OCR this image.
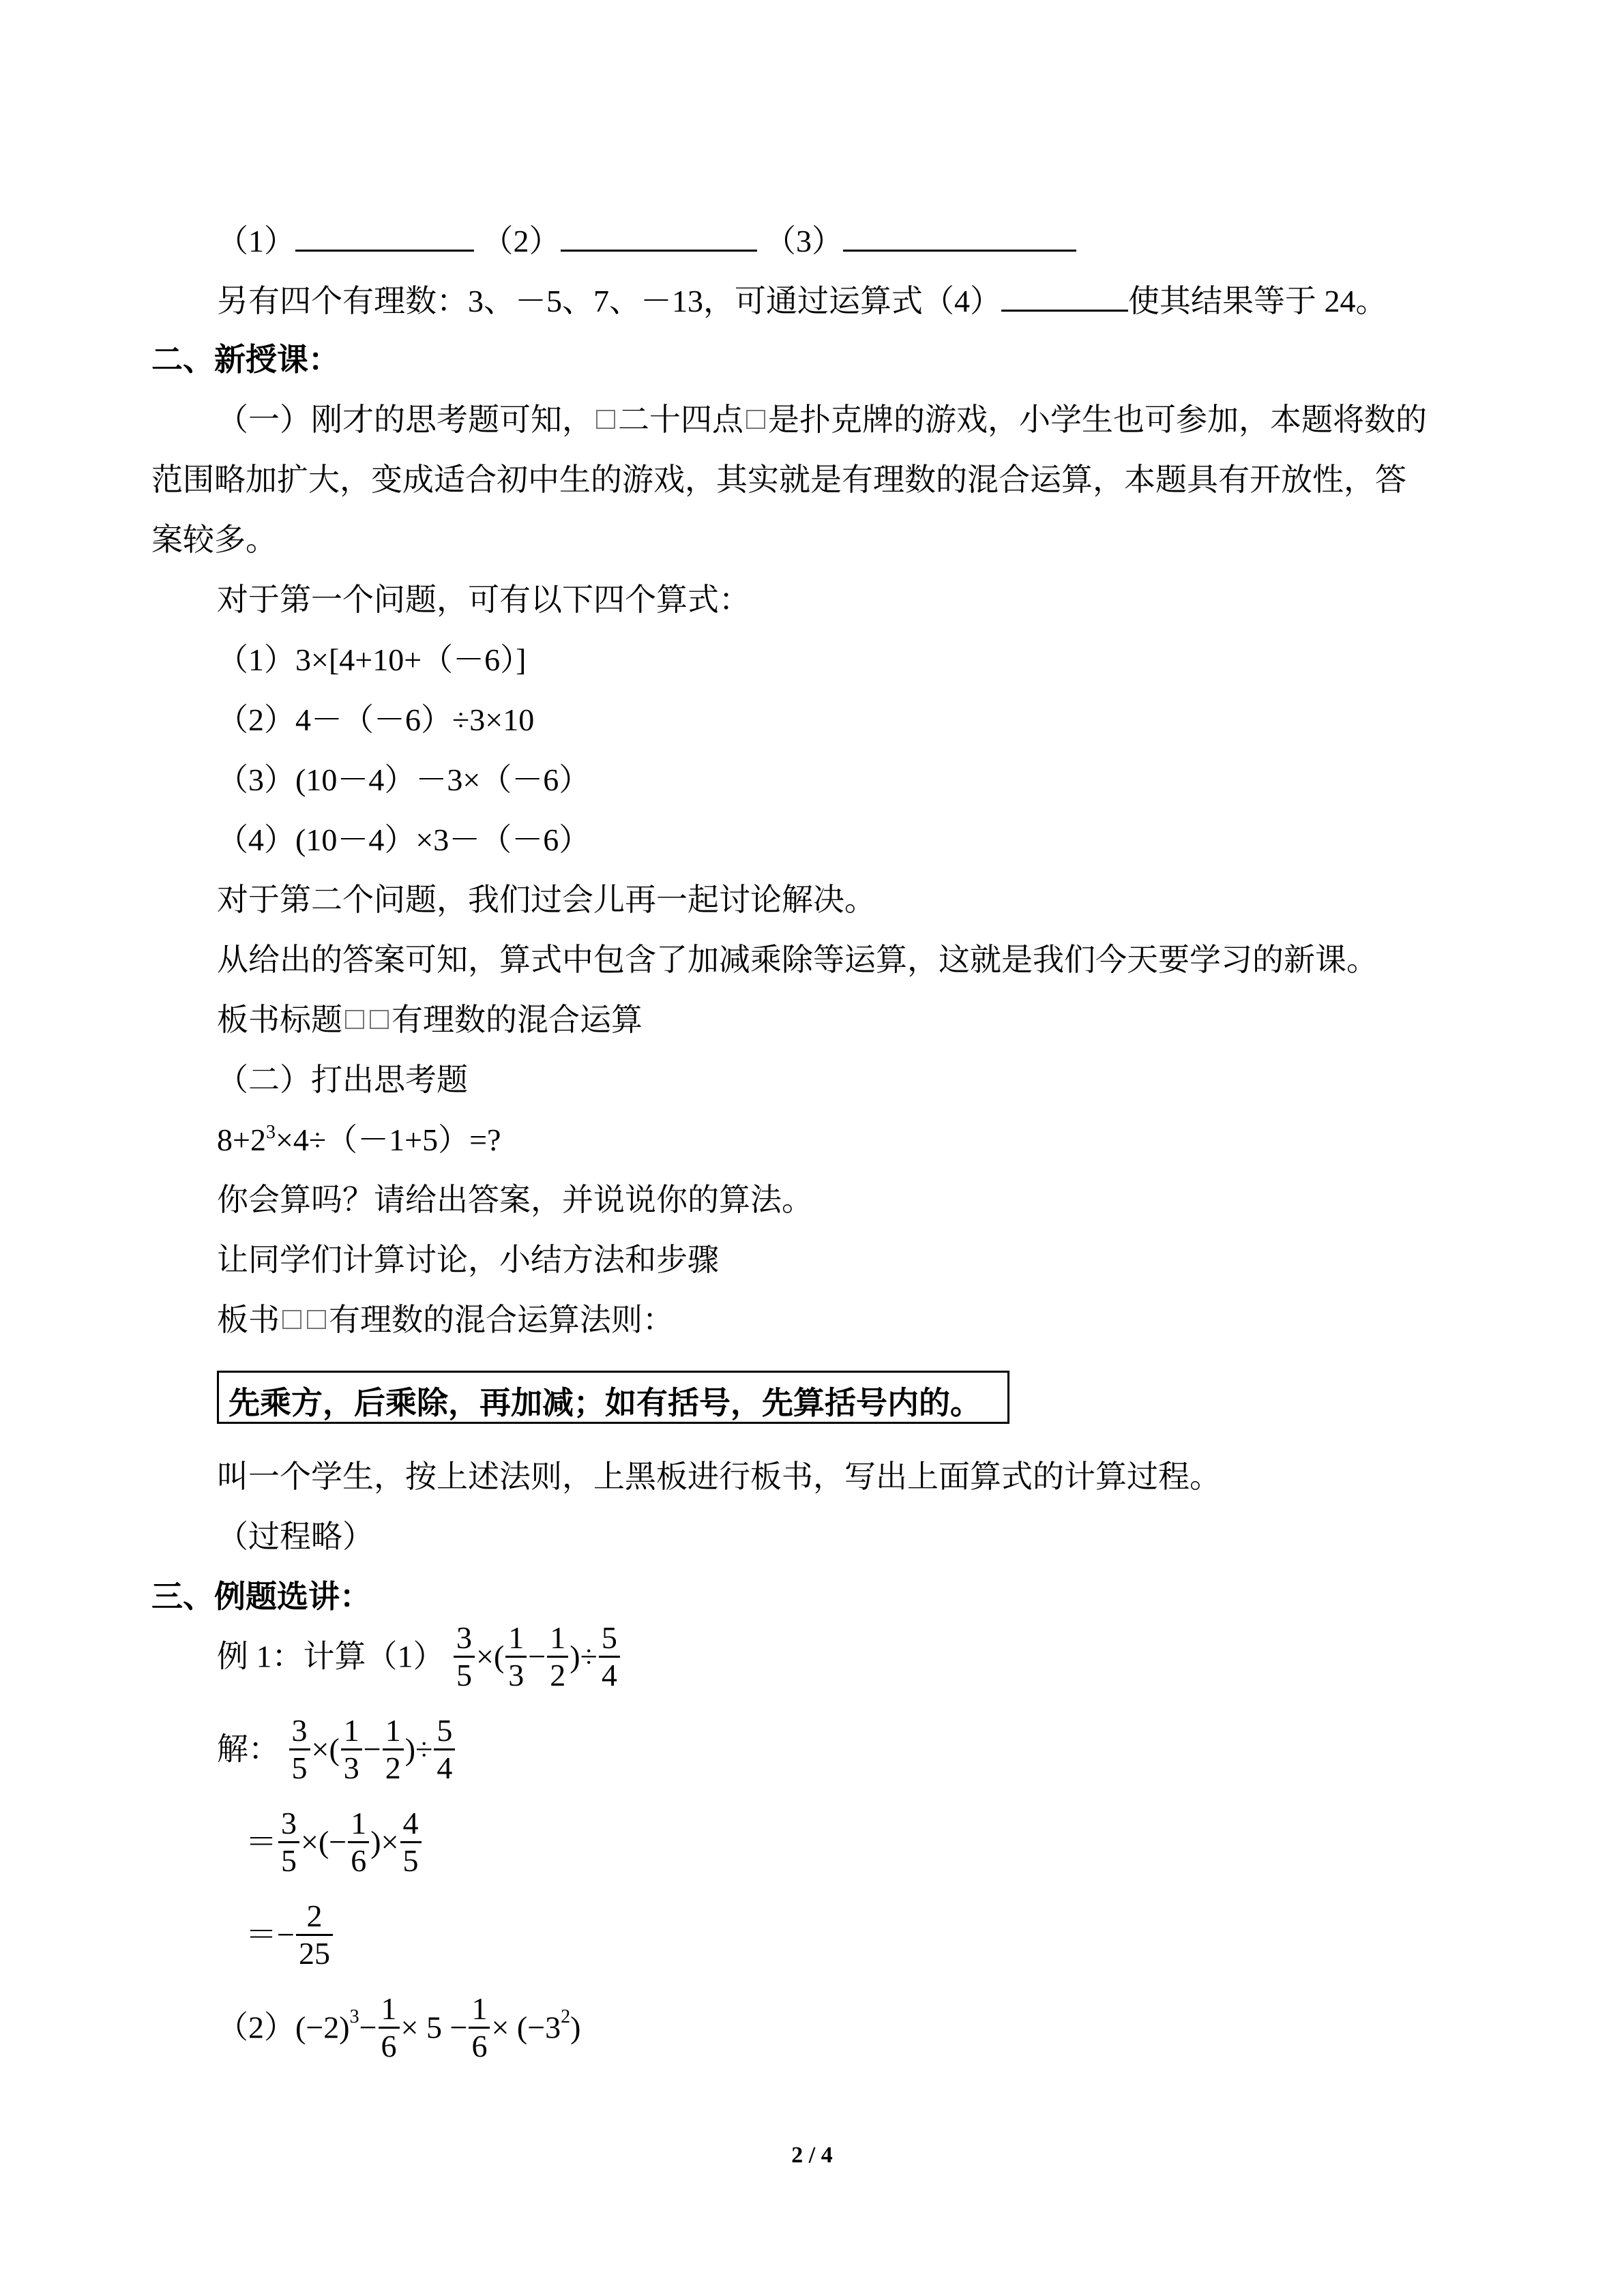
（1）	（2）	（3）
另有四个有理数：3、－5、7、－13，可通过运算式（4）	使其结果等于 24。
二、新授课：
（一）刚才的思考题可知， 二十四点 是扑克牌的游戏，小学生也可参加，本题将数的
范围略加扩大，变成适合初中生的游戏，其实就是有理数的混合运算，本题具有开放性，答
案较多。
对于第一个问题，可有以下四个算式：
（1）3×[4+10+（－6）]
（2）4－（－6）÷3×10
（3）(10－4）－3×（－6）
（4）(10－4）×3－（－6）
对于第二个问题，我们过会儿再一起讨论解决。
从给出的答案可知，算式中包含了加减乘除等运算，这就是我们今天要学习的新课。
板书标题 有理数的混合运算
（二）打出思考题
$8+2^3\times 4\div(-1+5)=$?
你会算吗？请给出答案，并说说你的算法。
让同学们计算讨论，小结方法和步骤
板书 有理数的混合运算法则：
先乘方，后乘除，再加减；如有括号，先算括号内的。
叫一个学生，按上述法则，上黑板进行板书，写出上面算式的计算过程。
（过程略）
三、例题选讲：
例 1：计算$(1) \frac{3}{5}$ ×( $\frac{1}{3} - \frac{1}{2}$ )÷ $\frac{5}{4}$
解： $\frac{3}{5}$ ×( $\frac{1}{3} - \frac{1}{2}$ )÷ $\frac{5}{4}$
＝ $\frac{3}{5}$ ×(− $\frac{1}{6}$ )× $\frac{4}{5}$
＝− $\frac{2}{25}$
$(2)(-2)^3- \frac{1}{6} \times 5 - \frac{1}{6} \times (-3^2)$
2 / 4
